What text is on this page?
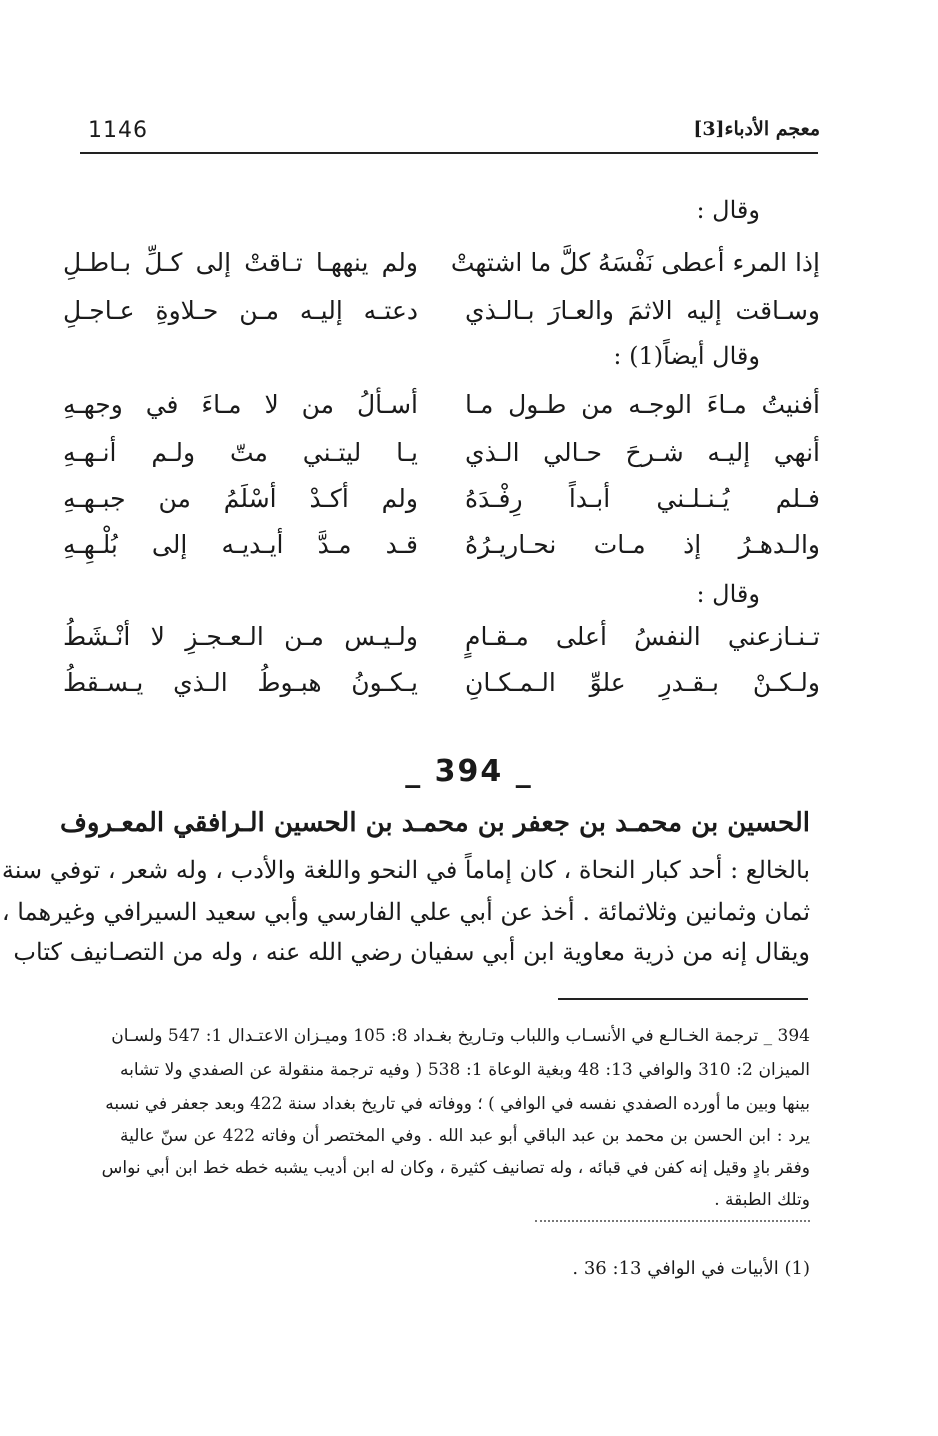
1146	معجم الأدباء[3]
وقال :
إذا المرء أعطى نَفْسَهُ كلَّ ما اشتهتْ
ولم ينههـا تـاقتْ إلى كـلِّ بـاطـلِ
وسـاقت إليه الاثمَ والعـارَ بـالـذي
دعتـه إليـه مـن حـلاوةِ عـاجـلِ
وقال أيضاً(1) :
أفنيتُ مـاءَ الوجـه من طـول مـا
أسـألُ من لا مـاءَ في وجهـهِ
أنهي إليـه شـرحَ حـالي الـذي
يـا ليتـني متّ ولـم أنـهـهِ
فـلم يُـنـلـني أبـداً رِفْـدَهُ
ولم أكـدْ أسْلَمُ من جبـهـهِ
والـدهـرُ إذ مـات نحـاريـرُهُ
قـد مـدَّ أيـديـه إلى بُلْـهِـهِ
وقال :
تـنـازعني النفسُ أعلى مـقـامٍ
ولـيـس مـن الـعـجـزِ لا أنْـشَطُ
ولـكـنْ بـقـدرِ علوِّ الـمـكـانِ
يـكـونُ هبـوطُ الـذي يـسـقطُ
_ 394 _
الحسين بن محمـد بن جعفر بن محمـد بن الحسين الـرافقي المعـروف
بالخالع : أحد كبار النحاة ، كان إماماً في النحو واللغة والأدب ، وله شعر ، توفي سنة
ثمان وثمانين وثلاثمائة . أخذ عن أبي علي الفارسي وأبي سعيد السيرافي وغيرهما ،
ويقال إنه من ذرية معاوية ابن أبي سفيان رضي الله عنه ، وله من التصـانيف كتاب
394 _ ترجمة الخـالـع في الأنسـاب واللباب وتـاريخ بغـداد 8: 105 وميـزان الاعتـدال 1: 547 ولسـان
الميزان 2: 310 والوافي 13: 48 وبغية الوعاة 1: 538 ( وفيه ترجمة منقولة عن الصفدي ولا تشابه
بينها وبين ما أورده الصفدي نفسه في الوافي ) ؛ ووفاته في تاريخ بغداد سنة 422 وبعد جعفر في نسبه
يرد : ابن الحسن بن محمد بن عبد الباقي أبو عبد الله . وفي المختصر أن وفاته 422 عن سنّ عالية
وفقر بادٍ وقيل إنه كفن في قبائه ، وله تصانيف كثيرة ، وكان له ابن أديب يشبه خطه خط ابن أبي نواس
وتلك الطبقة .
(1) الأبيات في الوافي 13: 36 .
